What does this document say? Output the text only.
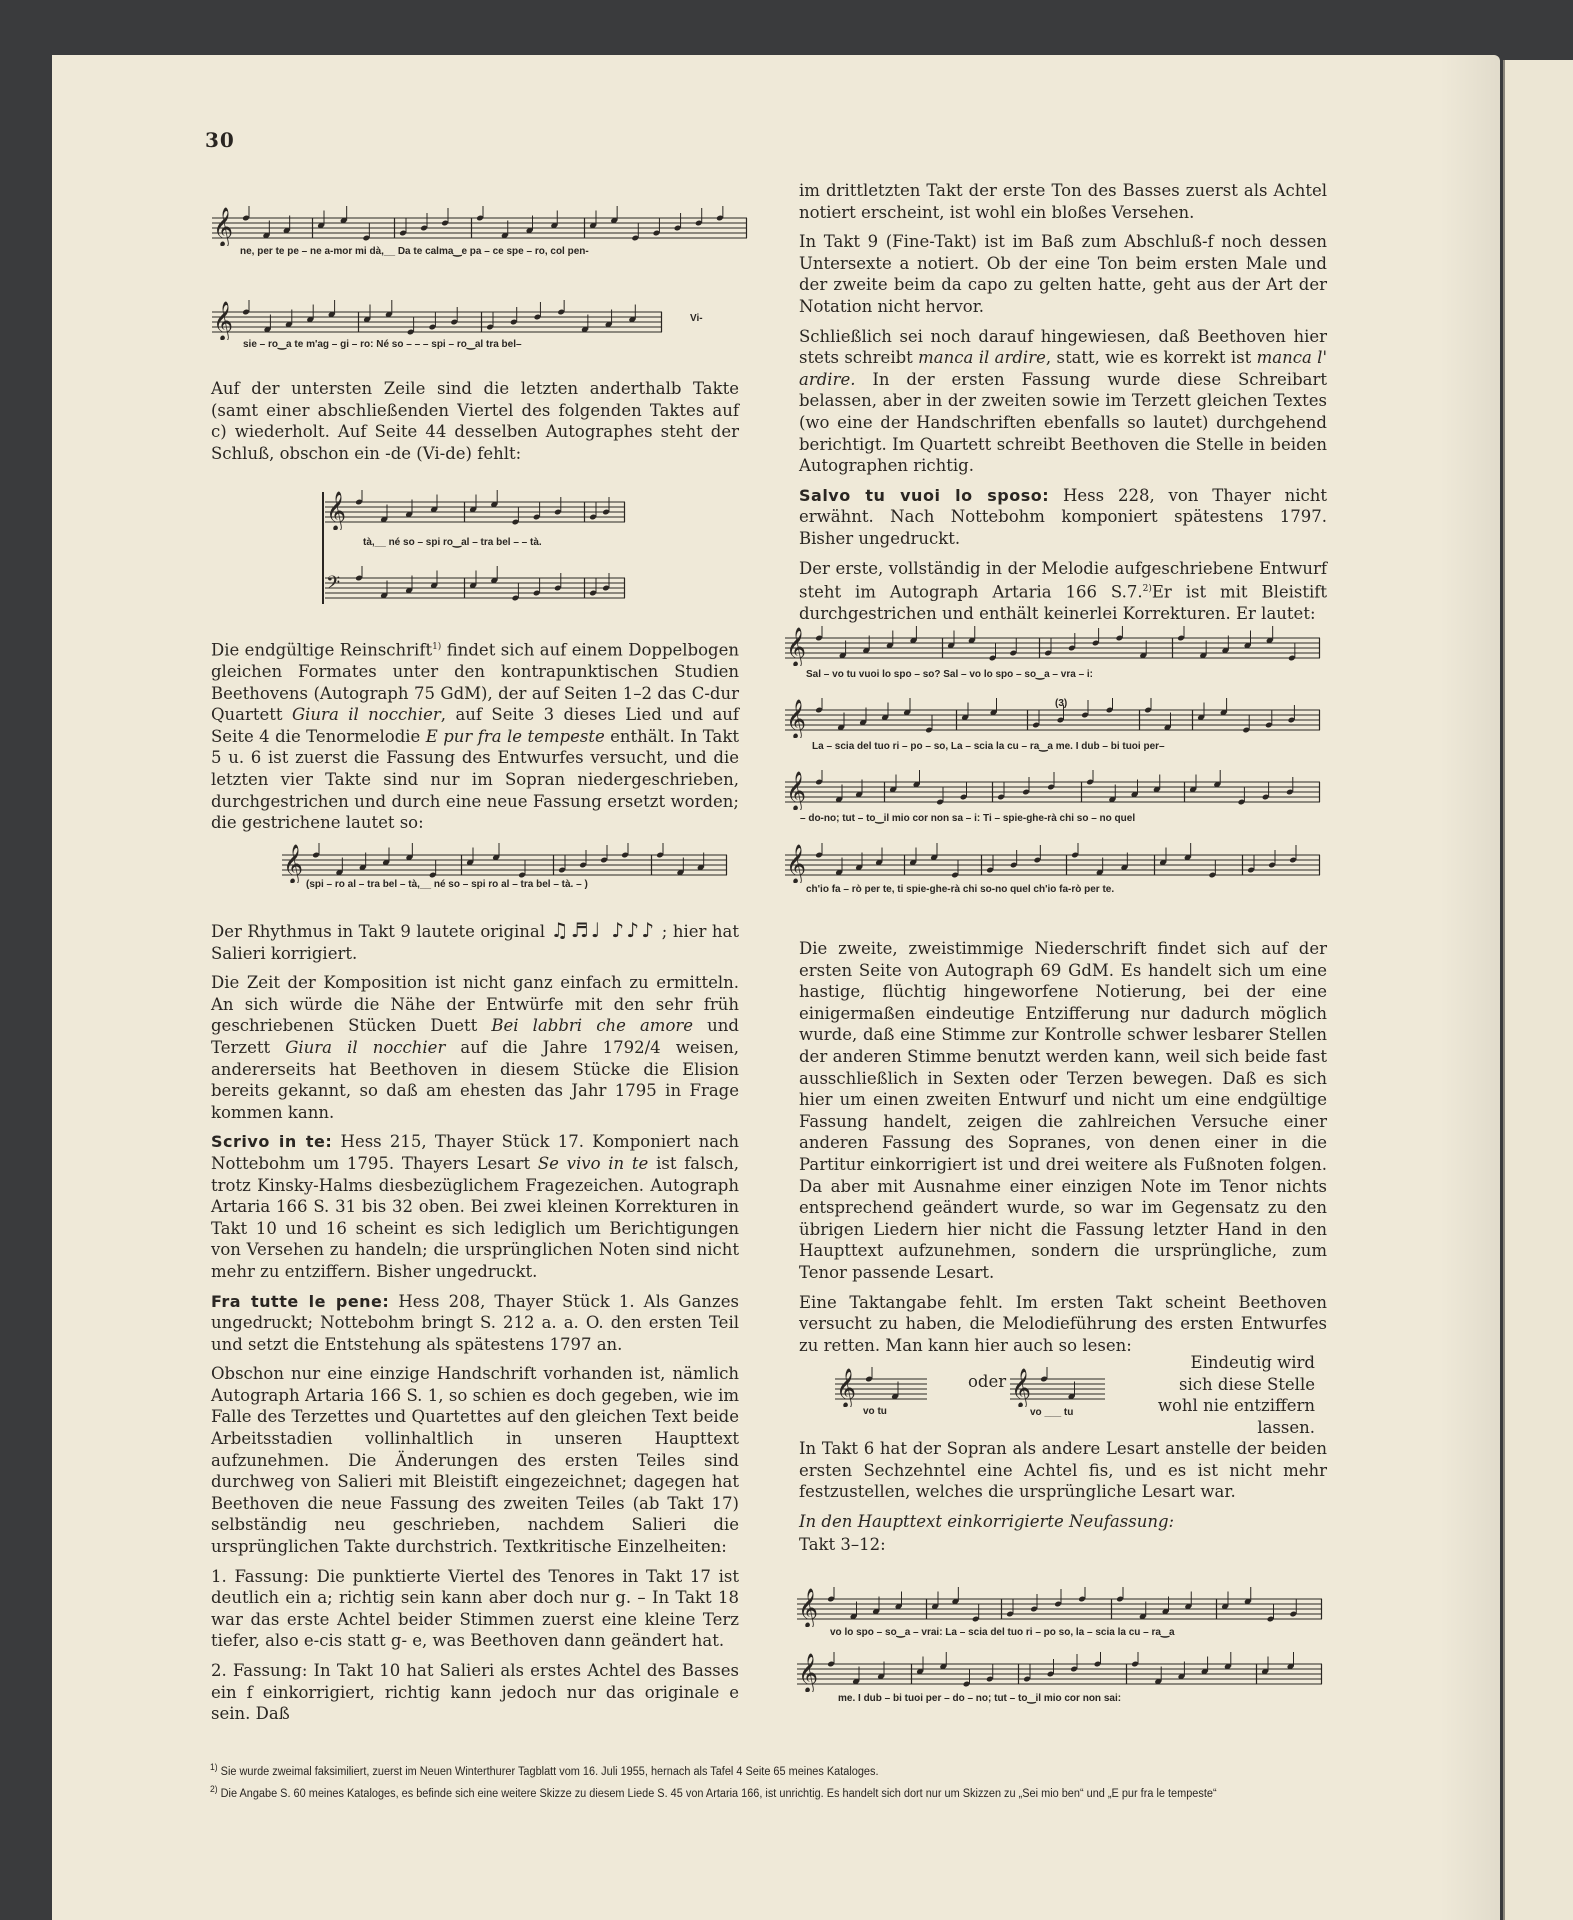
30
𝄞
ne, per te pe – ne a-mor mi dà,__ Da te calma‿e pa – ce spe – ro, col pen-
𝄞
sie – ro‿a te m'ag – gi – ro: Né so – – – spi – ro‿al tra bel–
Vi-

Auf der untersten Zeile sind die letzten anderthalb Takte (samt einer abschließenden Viertel des folgenden Taktes auf c) wiederholt. Auf Seite 44 desselben Autographes steht der Schluß, obschon ein -de (Vi-de) fehlt:

𝄞
𝄢
tà,__ né so – spi ro‿al – tra bel – – tà.

Die endgültige Reinschrift$^{1)}$ findet sich auf einem Doppelbogen gleichen Formates unter den kontrapunktischen Studien Beethovens (Autograph 75 GdM), der auf Seiten 1–2 das C-dur Quartett Giura il nocchier, auf Seite 3 dieses Lied und auf Seite 4 die Tenormelodie E pur fra le tempeste enthält. In Takt 5 u. 6 ist zuerst die Fassung des Entwurfes versucht, und die letzten vier Takte sind nur im Sopran niedergeschrieben, durchgestrichen und durch eine neue Fassung ersetzt worden; die gestrichene lautet so:

𝄞
(spi – ro al – tra bel – tà,__ né so – spi ro al – tra bel – tà. – )

Der Rhythmus in Takt 9 lautete original ♫♬♩ ♪♪♪ ; hier hat Salieri korrigiert.

Die Zeit der Komposition ist nicht ganz einfach zu ermitteln. An sich würde die Nähe der Entwürfe mit den sehr früh geschriebenen Stücken Duett Bei labbri che amore und Terzett Giura il nocchier auf die Jahre 1792/4 weisen, andererseits hat Beethoven in diesem Stücke die Elision bereits gekannt, so daß am ehesten das Jahr 1795 in Frage kommen kann.

Scrivo in te: Hess 215, Thayer Stück 17. Komponiert nach Nottebohm um 1795. Thayers Lesart Se vivo in te ist falsch, trotz Kinsky-Halms diesbezüglichem Fragezeichen. Autograph Artaria 166 S. 31 bis 32 oben. Bei zwei kleinen Korrekturen in Takt 10 und 16 scheint es sich lediglich um Berichtigungen von Versehen zu handeln; die ursprünglichen Noten sind nicht mehr zu entziffern. Bisher ungedruckt.

Fra tutte le pene: Hess 208, Thayer Stück 1. Als Ganzes ungedruckt; Nottebohm bringt S. 212 a. a. O. den ersten Teil und setzt die Entstehung als spätestens 1797 an.

Obschon nur eine einzige Handschrift vorhanden ist, nämlich Autograph Artaria 166 S. 1, so schien es doch gegeben, wie im Falle des Terzettes und Quartettes auf den gleichen Text beide Arbeitsstadien vollinhaltlich in unseren Haupttext aufzunehmen. Die Änderungen des ersten Teiles sind durchweg von Salieri mit Bleistift eingezeichnet; dagegen hat Beethoven die neue Fassung des zweiten Teiles (ab Takt 17) selbständig neu geschrieben, nachdem Salieri die ursprünglichen Takte durchstrich. Textkritische Einzelheiten:

1. Fassung: Die punktierte Viertel des Tenores in Takt 17 ist deutlich ein a; richtig sein kann aber doch nur g. – In Takt 18 war das erste Achtel beider Stimmen zuerst eine kleine Terz tiefer, also e-cis statt g- e, was Beethoven dann geändert hat.

2. Fassung: In Takt 10 hat Salieri als erstes Achtel des Basses ein f einkorrigiert, richtig kann jedoch nur das originale e sein. Daß

im drittletzten Takt der erste Ton des Basses zuerst als Achtel notiert erscheint, ist wohl ein bloßes Versehen.

In Takt 9 (Fine-Takt) ist im Baß zum Abschluß-f noch dessen Untersexte a notiert. Ob der eine Ton beim ersten Male und der zweite beim da capo zu gelten hatte, geht aus der Art der Notation nicht hervor.

Schließlich sei noch darauf hingewiesen, daß Beethoven hier stets schreibt manca il ardire, statt, wie es korrekt ist manca l' ardire. In der ersten Fassung wurde diese Schreibart belassen, aber in der zweiten sowie im Terzett gleichen Textes (wo eine der Handschriften ebenfalls so lautet) durchgehend berichtigt. Im Quartett schreibt Beethoven die Stelle in beiden Autographen richtig.

Salvo tu vuoi lo sposo: Hess 228, von Thayer nicht erwähnt. Nach Nottebohm komponiert spätestens 1797. Bisher ungedruckt.

Der erste, vollständig in der Melodie aufgeschriebene Entwurf steht im Autograph Artaria 166 S.7.$^{2)}$Er ist mit Bleistift durchgestrichen und enthält keinerlei Korrekturen. Er lautet:

𝄞
Sal – vo tu vuoi lo spo – so? Sal – vo lo spo – so‿a – vra – i:
𝄞	(3)
La – scia del tuo ri – po – so, La – scia la cu – ra‿a me. I dub – bi tuoi per–
𝄞
– do-no; tut – to‿il mio cor non sa – i: Ti – spie-ghe-rà chi so – no quel
𝄞
ch'io fa – rò per te, ti spie-ghe-rà chi so-no quel ch'io fa-rò per te.

Die zweite, zweistimmige Niederschrift findet sich auf der ersten Seite von Autograph 69 GdM. Es handelt sich um eine hastige, flüchtig hingeworfene Notierung, bei der eine einigermaßen eindeutige Entzifferung nur dadurch möglich wurde, daß eine Stimme zur Kontrolle schwer lesbarer Stellen der anderen Stimme benutzt werden kann, weil sich beide fast ausschließlich in Sexten oder Terzen bewegen. Daß es sich hier um einen zweiten Entwurf und nicht um eine endgültige Fassung handelt, zeigen die zahlreichen Versuche einer anderen Fassung des Sopranes, von denen einer in die Partitur einkorrigiert ist und drei weitere als Fußnoten folgen. Da aber mit Ausnahme einer einzigen Note im Tenor nichts entsprechend geändert wurde, so war im Gegensatz zu den übrigen Liedern hier nicht die Fassung letzter Hand in den Haupttext aufzunehmen, sondern die ursprüngliche, zum Tenor passende Lesart.

Eine Taktangabe fehlt. Im ersten Takt scheint Beethoven versucht zu haben, die Melodieführung des ersten Entwurfes zu retten. Man kann hier auch so lesen:

𝄞
vo tu
oder 𝄞
vo ___ tu
Eindeutig wird sich diese Stelle wohl nie entziffern lassen.

In Takt 6 hat der Sopran als andere Lesart anstelle der beiden ersten Sechzehntel eine Achtel fis, und es ist nicht mehr festzustellen, welches die ursprüngliche Lesart war.

In den Haupttext einkorrigierte Neufassung:

Takt 3–12:

𝄞
vo lo spo – so‿a – vrai: La – scia del tuo ri – po so, la – scia la cu – ra‿a
𝄞
me. I dub – bi tuoi per – do – no; tut – to‿il mio cor non sai:

$^{1)}$ Sie wurde zweimal faksimiliert, zuerst im Neuen Winterthurer Tagblatt vom 16. Juli 1955, hernach als Tafel 4 Seite 65 meines Kataloges.

$^{2)}$ Die Angabe S. 60 meines Kataloges, es befinde sich eine weitere Skizze zu diesem Liede S. 45 von Artaria 166, ist unrichtig. Es handelt sich dort nur um Skizzen zu „Sei mio ben“ und „E pur fra le tempeste“
